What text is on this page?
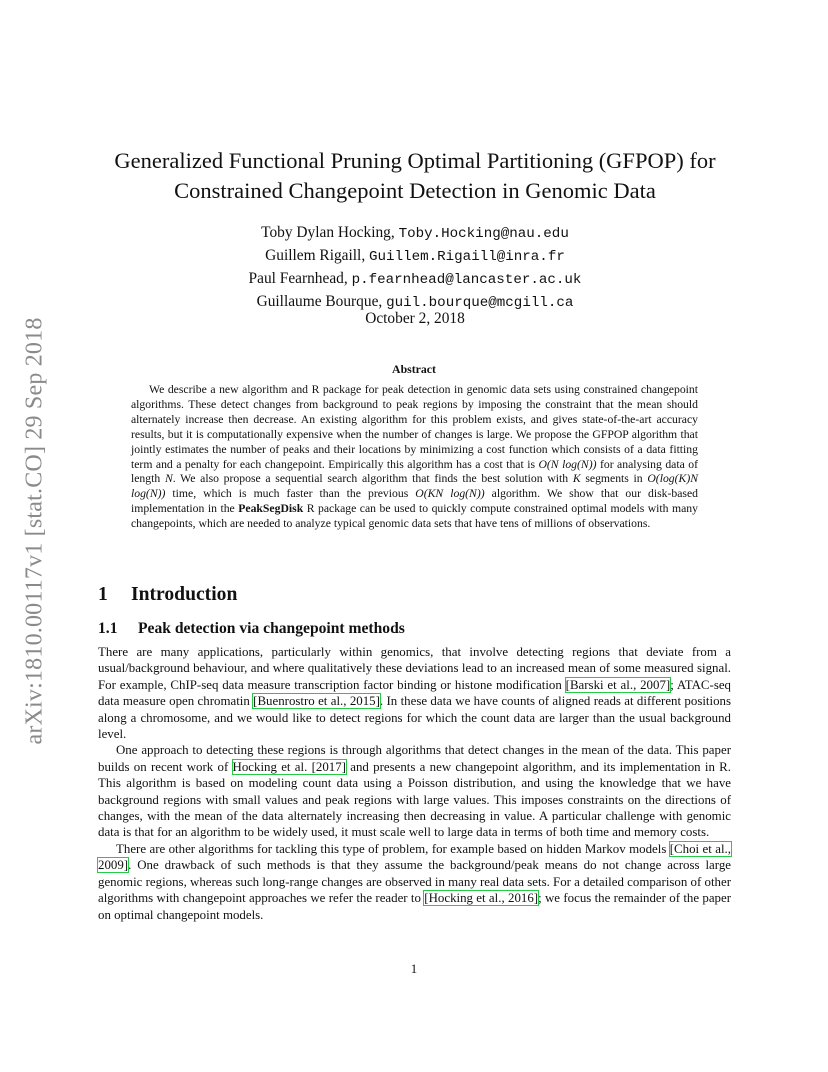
arXiv:1810.00117v1 [stat.CO] 29 Sep 2018
Generalized Functional Pruning Optimal Partitioning (GFPOP) for
Constrained Changepoint Detection in Genomic Data
Toby Dylan Hocking, Toby.Hocking@nau.edu
Guillem Rigaill, Guillem.Rigaill@inra.fr
Paul Fearnhead, p.fearnhead@lancaster.ac.uk
Guillaume Bourque, guil.bourque@mcgill.ca
October 2, 2018
Abstract

We describe a new algorithm and R package for peak detection in genomic data sets using constrained changepoint algorithms. These detect changes from background to peak regions by imposing the constraint that the mean should alternately increase then decrease. An existing algorithm for this problem exists, and gives state-of-the-art accuracy results, but it is computationally expensive when the number of changes is large. We propose the GFPOP algorithm that jointly estimates the number of peaks and their locations by minimizing a cost function which consists of a data fitting term and a penalty for each changepoint. Empirically this algorithm has a cost that is O(N log(N)) for analysing data of length N. We also propose a sequential search algorithm that finds the best solution with K segments in O(log(K)N log(N)) time, which is much faster than the previous O(KN log(N)) algorithm. We show that our disk-based implementation in the PeakSegDisk R package can be used to quickly compute constrained optimal models with many changepoints, which are needed to analyze typical genomic data sets that have tens of millions of observations.

1 Introduction
1.1 Peak detection via changepoint methods

There are many applications, particularly within genomics, that involve detecting regions that deviate from a usual/background behaviour, and where qualitatively these deviations lead to an increased mean of some measured signal. For example, ChIP-seq data measure transcription factor binding or histone modification [Barski et al., 2007]; ATAC-seq data measure open chromatin [Buenrostro et al., 2015]. In these data we have counts of aligned reads at different positions along a chromosome, and we would like to detect regions for which the count data are larger than the usual background level.

One approach to detecting these regions is through algorithms that detect changes in the mean of the data. This paper builds on recent work of Hocking et al. [2017] and presents a new changepoint algorithm, and its implementation in R. This algorithm is based on modeling count data using a Poisson distribution, and using the knowledge that we have background regions with small values and peak regions with large values. This imposes constraints on the directions of changes, with the mean of the data alternately increasing then decreasing in value. A particular challenge with genomic data is that for an algorithm to be widely used, it must scale well to large data in terms of both time and memory costs.

There are other algorithms for tackling this type of problem, for example based on hidden Markov models [Choi et al., 2009]. One drawback of such methods is that they assume the background/peak means do not change across large genomic regions, whereas such long-range changes are observed in many real data sets. For a detailed comparison of other algorithms with changepoint approaches we refer the reader to [Hocking et al., 2016]; we focus the remainder of the paper on optimal changepoint models.

1
